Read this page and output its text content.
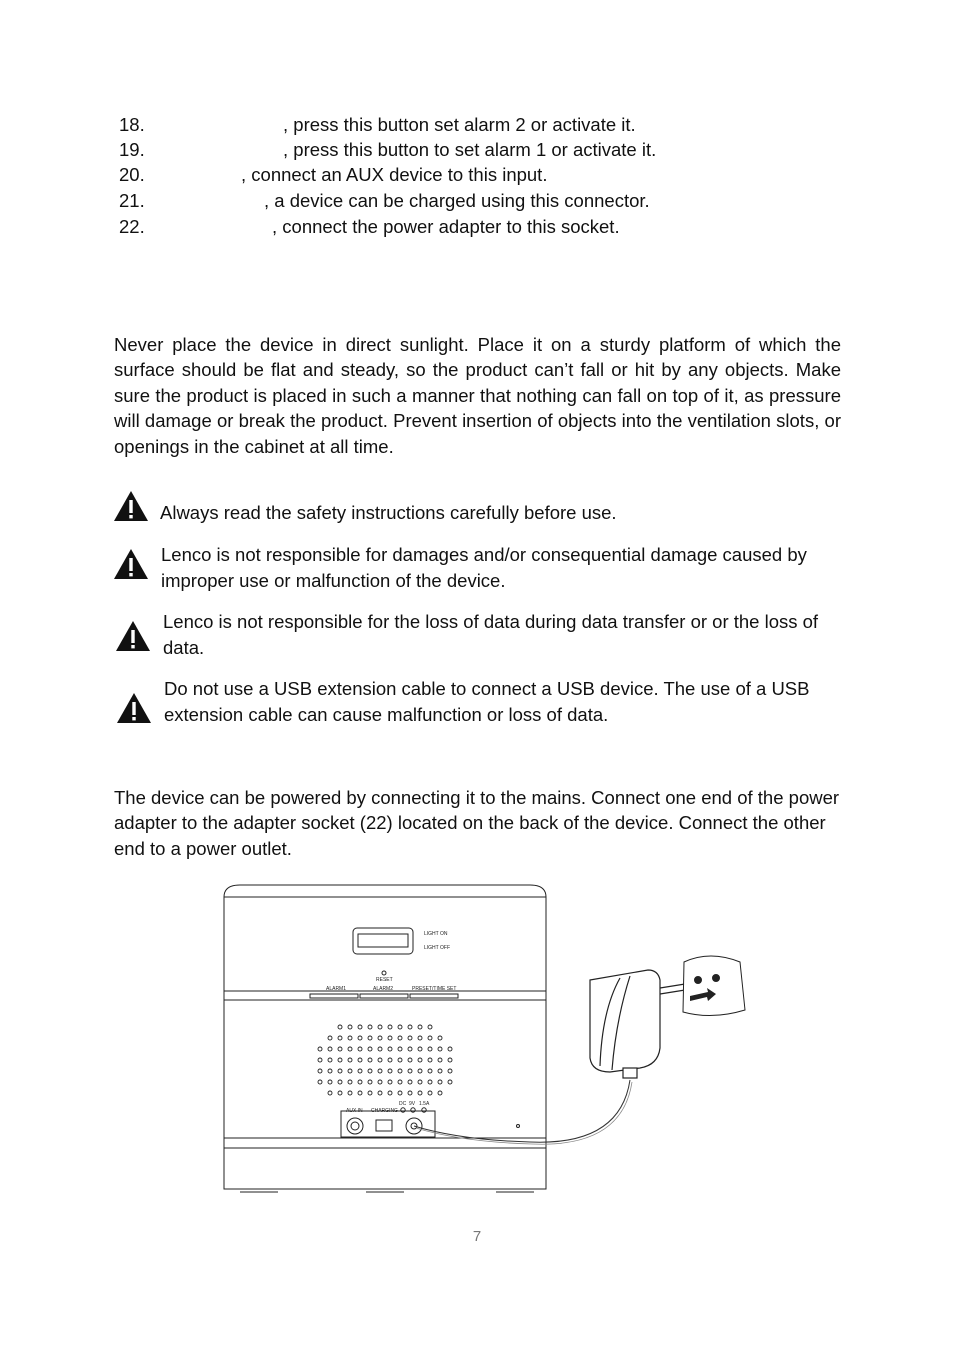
18.	, press this button set alarm 2 or activate it.
19.	, press this button to set alarm 1 or activate it.
20.	, connect an AUX device to this input.
21.	, a device can be charged using this connector.
22.	, connect the power adapter to this socket.

Never place the device in direct sunlight. Place it on a sturdy platform of which the surface should be flat and steady, so the product can’t fall or hit by any objects. Make sure the product is placed in such a manner that nothing can fall on top of it, as pressure will damage or break the product. Prevent insertion of objects into the ventilation slots, or openings in the cabinet at all time.

Always read the safety instructions carefully before use.

Lenco is not responsible for damages and/or consequential damage caused by improper use or malfunction of the device.

Lenco is not responsible for the loss of data during data transfer or or the loss of data.

Do not use a USB extension cable to connect a USB device. The use of a USB extension cable can cause malfunction or loss of data.

The device can be powered by connecting it to the mains. Connect one end of the power adapter to the adapter socket (22) located on the back of the device. Connect the other end to a power outlet.

LIGHT ON
LIGHT OFF
RESET
ALARM1	ALARM2	PRESET/TIME SET
AUX IN CHARGING
DC 9V 1.5A
7
